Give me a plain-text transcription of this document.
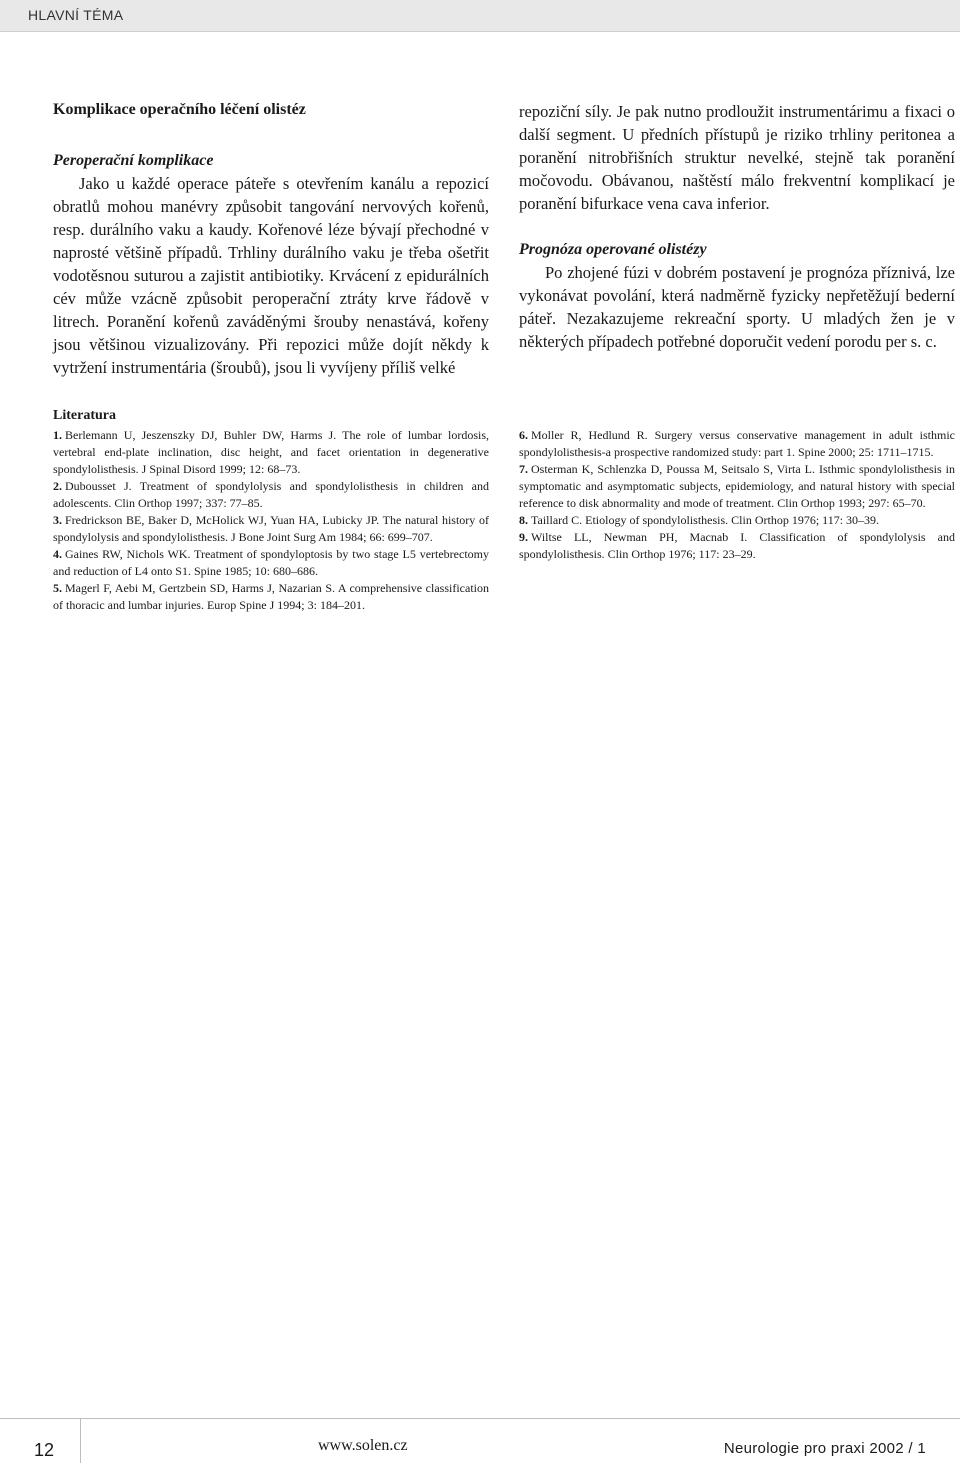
HLAVNÍ TÉMA
Komplikace operačního léčení olistéz
Peroperační komplikace

Jako u každé operace páteře s otevřením kanálu a repozicí obratlů mohou manévry způsobit tangování nervových kořenů, resp. durálního vaku a kaudy. Kořenové léze bývají přechodné v naprosté většině případů. Trhliny durálního vaku je třeba ošetřit vodotěsnou suturou a zajistit antibiotiky. Krvácení z epidurálních cév může vzácně způsobit peroperační ztráty krve řádově v litrech. Poranění kořenů zaváděnými šrouby nenastává, kořeny jsou většinou vizualizovány. Při repozici může dojít někdy k vytržení instrumentária (šroubů), jsou li vyvíjeny příliš velké

repoziční síly. Je pak nutno prodloužit instrumentárimu a fixaci o další segment. U předních přístupů je riziko trhliny peritonea a poranění nitrobřišních struktur nevelké, stejně tak poranění močovodu. Obávanou, naštěstí málo frekventní komplikací je poranění bifurkace vena cava inferior.

Prognóza operované olistézy

Po zhojené fúzi v dobrém postavení je prognóza příznivá, lze vykonávat povolání, která nadměrně fyzicky nepřetěžují bederní páteř. Nezakazujeme rekreační sporty. U mladých žen je v některých případech potřebné doporučit vedení porodu per s. c.

Literatura

1. Berlemann U, Jeszenszky DJ, Buhler DW, Harms J. The role of lumbar lordosis, vertebral end-plate inclination, disc height, and facet orientation in degenerative spondylolisthesis. J Spinal Disord 1999; 12: 68–73.

2. Dubousset J. Treatment of spondylolysis and spondylolisthesis in children and adolescents. Clin Orthop 1997; 337: 77–85.

3. Fredrickson BE, Baker D, McHolick WJ, Yuan HA, Lubicky JP. The natural history of spondylolysis and spondylolisthesis. J Bone Joint Surg Am 1984; 66: 699–707.

4. Gaines RW, Nichols WK. Treatment of spondyloptosis by two stage L5 vertebrectomy and reduction of L4 onto S1. Spine 1985; 10: 680–686.

5. Magerl F, Aebi M, Gertzbein SD, Harms J, Nazarian S. A comprehensive classification of thoracic and lumbar injuries. Europ Spine J 1994; 3: 184–201.

6. Moller R, Hedlund R. Surgery versus conservative management in adult isthmic spondylolisthesis-a prospective randomized study: part 1. Spine 2000; 25: 1711–1715.

7. Osterman K, Schlenzka D, Poussa M, Seitsalo S, Virta L. Isthmic spondylolisthesis in symptomatic and asymptomatic subjects, epidemiology, and natural history with special reference to disk abnormality and mode of treatment. Clin Orthop 1993; 297: 65–70.

8. Taillard C. Etiology of spondylolisthesis. Clin Orthop 1976; 117: 30–39.

9. Wiltse LL, Newman PH, Macnab I. Classification of spondylolysis and spondylolisthesis. Clin Orthop 1976; 117: 23–29.

12	www.solen.cz	Neurologie pro praxi 2002 / 1
